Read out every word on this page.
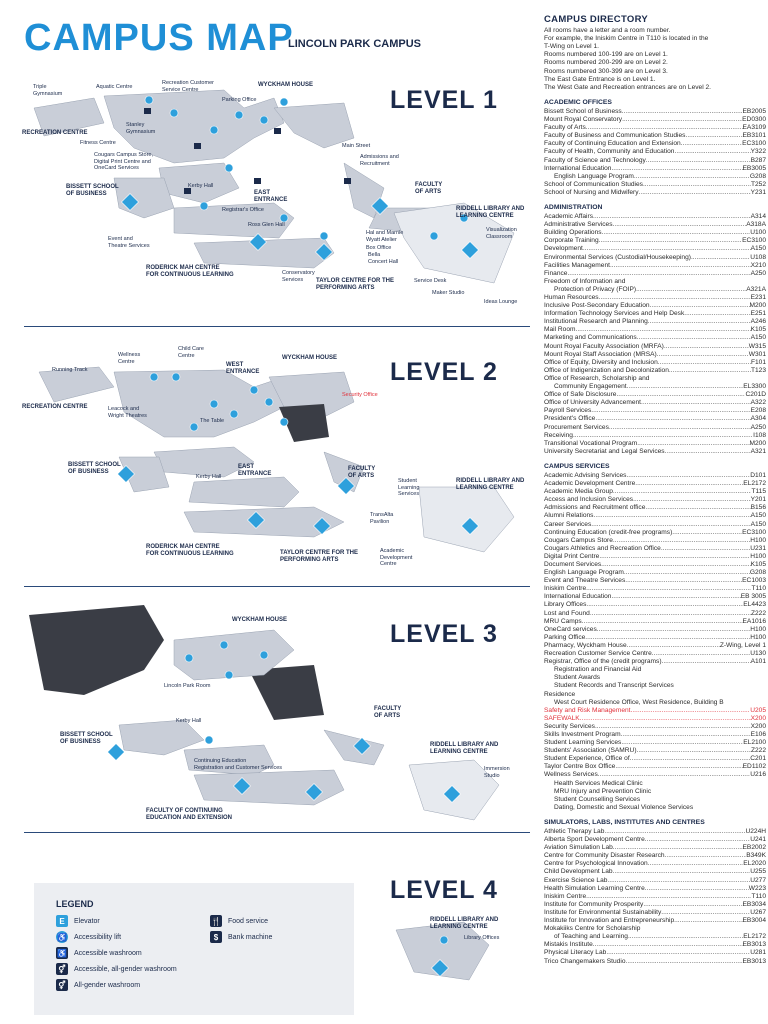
CAMPUS MAP
LINCOLN PARK CAMPUS
LEVEL 1
Triple
Gymnasium
Aquatic Centre
Recreation Customer
Service Centre
WYCKHAM HOUSE
Parking Office
RECREATION CENTRE
Stanley
Gymnasium
Fitness Centre
Cougars Campus Store,
Digital Print Centre and
OneCard Services
Main Street
Admissions and
Recruitment
BISSETT SCHOOL
OF BUSINESS
Kerby Hall
EAST
ENTRANCE
FACULTY
OF ARTS
Registrar's Office	RIDDELL LIBRARY AND
LEARNING CENTRE
Ross Glen Hall
Event and
Theatre Services
Hal and Marnie
Wyatt Atelier
Box Office
Bella
Concert Hall
Visualization
Classroom
RODERICK MAH CENTRE
FOR CONTINUOUS LEARNING	Conservatory
Services	TAYLOR CENTRE FOR THE
PERFORMING ARTS
Service Desk
Maker Studio
Ideas Lounge
LEVEL 2
Child Care
Centre
Wellness
Centre
WEST
ENTRANCE
WYCKHAM HOUSE
Running Track
RECREATION CENTRE
Security Office
Leacock and
Wright Theatres
The Table
BISSETT SCHOOL
OF BUSINESS
Kerby Hall
EAST
ENTRANCE
FACULTY
OF ARTS
Student
Learning
Services
RIDDELL LIBRARY AND
LEARNING CENTRE
TransAlta
Pavilion
RODERICK MAH CENTRE
FOR CONTINUOUS LEARNING	TAYLOR CENTRE FOR THE
PERFORMING ARTS
Academic
Development
Centre
LEVEL 3
WYCKHAM HOUSE
Lincoln Park Room
Kerby Hall
FACULTY
OF ARTS
BISSETT SCHOOL
OF BUSINESS
Continuing Education
Registration and Customer Services
RIDDELL LIBRARY AND
LEARNING CENTRE
Immersion
Studio
FACULTY OF CONTINUING
EDUCATION AND EXTENSION
LEVEL 4
RIDDELL LIBRARY AND
LEARNING CENTRE
Library Offices
LEGEND
E	Elevator
♿ Accessibility lift
♿ Accessible washroom
⚥	Accessible, all-gender washroom
⚥	All-gender washroom
🍴 Food service
$	Bank machine
CAMPUS DIRECTORY
All rooms have a letter and a room number.
For example, the Iniskim Centre in T110 is located in the
T-Wing on Level 1.
Rooms numbered 100-199 are on Level 1.
Rooms numbered 200-299 are on Level 2.
Rooms numbered 300-399 are on Level 3.
The East Gate Entrance is on Level 1.
The West Gate and Recreation entrances are on Level 2.
ACADEMIC OFFICES
Bissett School of Business .....	EB2005
Mount Royal Conservatory .....	ED0300
Faculty of Arts .....	EA3109
Faculty of Business and Communication Studies .....	EB3101
Faculty of Continuing Education and Extension .....	EC3100
Faculty of Health, Community and Education .....	Y322
Faculty of Science and Technology .....	B287
International Education .....	EB3005
English Language Program .....	G208
School of Communication Studies .....	T252
School of Nursing and Midwifery .....	Y231
ADMINISTRATION
Academic Affairs .....	A314
Administrative Services .....	A318A
Building Operations .....	U100
Corporate Training .....	EC3100
Development .....	A150
Environmental Services (Custodial/Housekeeping) .....	U108
Facilities Management .....	X210
Finance .....	A250
Freedom of Information and
Protection of Privacy (FOIP) .....	A321A
Human Resources .....	E231
Inclusive Post-Secondary Education .....	M200
Information Technology Services and Help Desk .....	E251
Institutional Research and Planning .....	A246
Mail Room .....	K105
Marketing and Communications .....	A150
Mount Royal Faculty Association (MRFA) .....	W315
Mount Royal Staff Association (MRSA) .....	W301
Office of Equity, Diversity and Inclusion .....	F101
Office of Indigenization and Decolonization .....	T123
Office of Research, Scholarship and
Community Engagement .....	EL3300
Office of Safe Disclosure .....	C201D
Office of University Advancement .....	A322
Payroll Services .....	E208
President's Office .....	A304
Procurement Services .....	A250
Receiving .....	I108
Transitional Vocational Program .....	M200
University Secretariat and Legal Services .....	A321
CAMPUS SERVICES
Academic Advising Services .....	D101
Academic Development Centre .....	EL2172
Academic Media Group .....	T115
Access and Inclusion Services .....	Y201
Admissions and Recruitment office .....	B156
Alumni Relations .....	A150
Career Services .....	A150
Continuing Education (credit-free programs) .....	EC3100
Cougars Campus Store .....	H100
Cougars Athletics and Recreation Office .....	U231
Digital Print Centre .....	H100
Document Services .....	K105
English Language Program .....	G208
Event and Theatre Services .....	EC1003
Iniskim Centre .....	T110
International Education .....	EB 3005
Library Offices .....	EL4423
Lost and Found .....	Z222
MRU Camps .....	EA1016
OneCard services .....	H100
Parking Office .....	H100
Pharmacy, Wyckham House .....	Z-Wing, Level 1
Recreation Customer Service Centre .....	U130
Registrar, Office of the (credit programs) .....	A101
Registration and Financial Aid
Student Awards
Student Records and Transcript Services
Residence
West Court Residence Office, West Residence, Building B
Safety and Risk Management .....	U205
SAFEWALK .....	X200
Security Services .....	X200
Skills Investment Program .....	E106
Student Learning Services .....	EL2100
Students' Association (SAMRU) .....	Z222
Student Experience, Office of .....	C201
Taylor Centre Box Office .....	ED1102
Wellness Services .....	U216
Health Services Medical Clinic
MRU Injury and Prevention Clinic
Student Counselling Services
Dating, Domestic and Sexual Violence Services
SIMULATORS, LABS, INSTITUTES AND CENTRES
Athletic Therapy Lab .....	U224H
Alberta Sport Development Centre .....	U241
Aviation Simulation Lab .....	EB2002
Centre for Community Disaster Research .....	B349K
Centre for Psychological Innovation .....	EL2020
Child Development Lab .....	U255
Exercise Science Lab .....	U277
Health Simulation Learning Centre .....	W223
Iniskim Centre .....	T110
Institute for Community Prosperity .....	EB3034
Institute for Environmental Sustainability .....	U267
Institute for Innovation and Entrepreneurship .....	EB3004
Mokakiiks Centre for Scholarship
of Teaching and Learning .....	EL2172
Mistakis Institute .....	EB3013
Physical Literacy Lab .....	U281
Trico Changemakers Studio .....	EB3013
